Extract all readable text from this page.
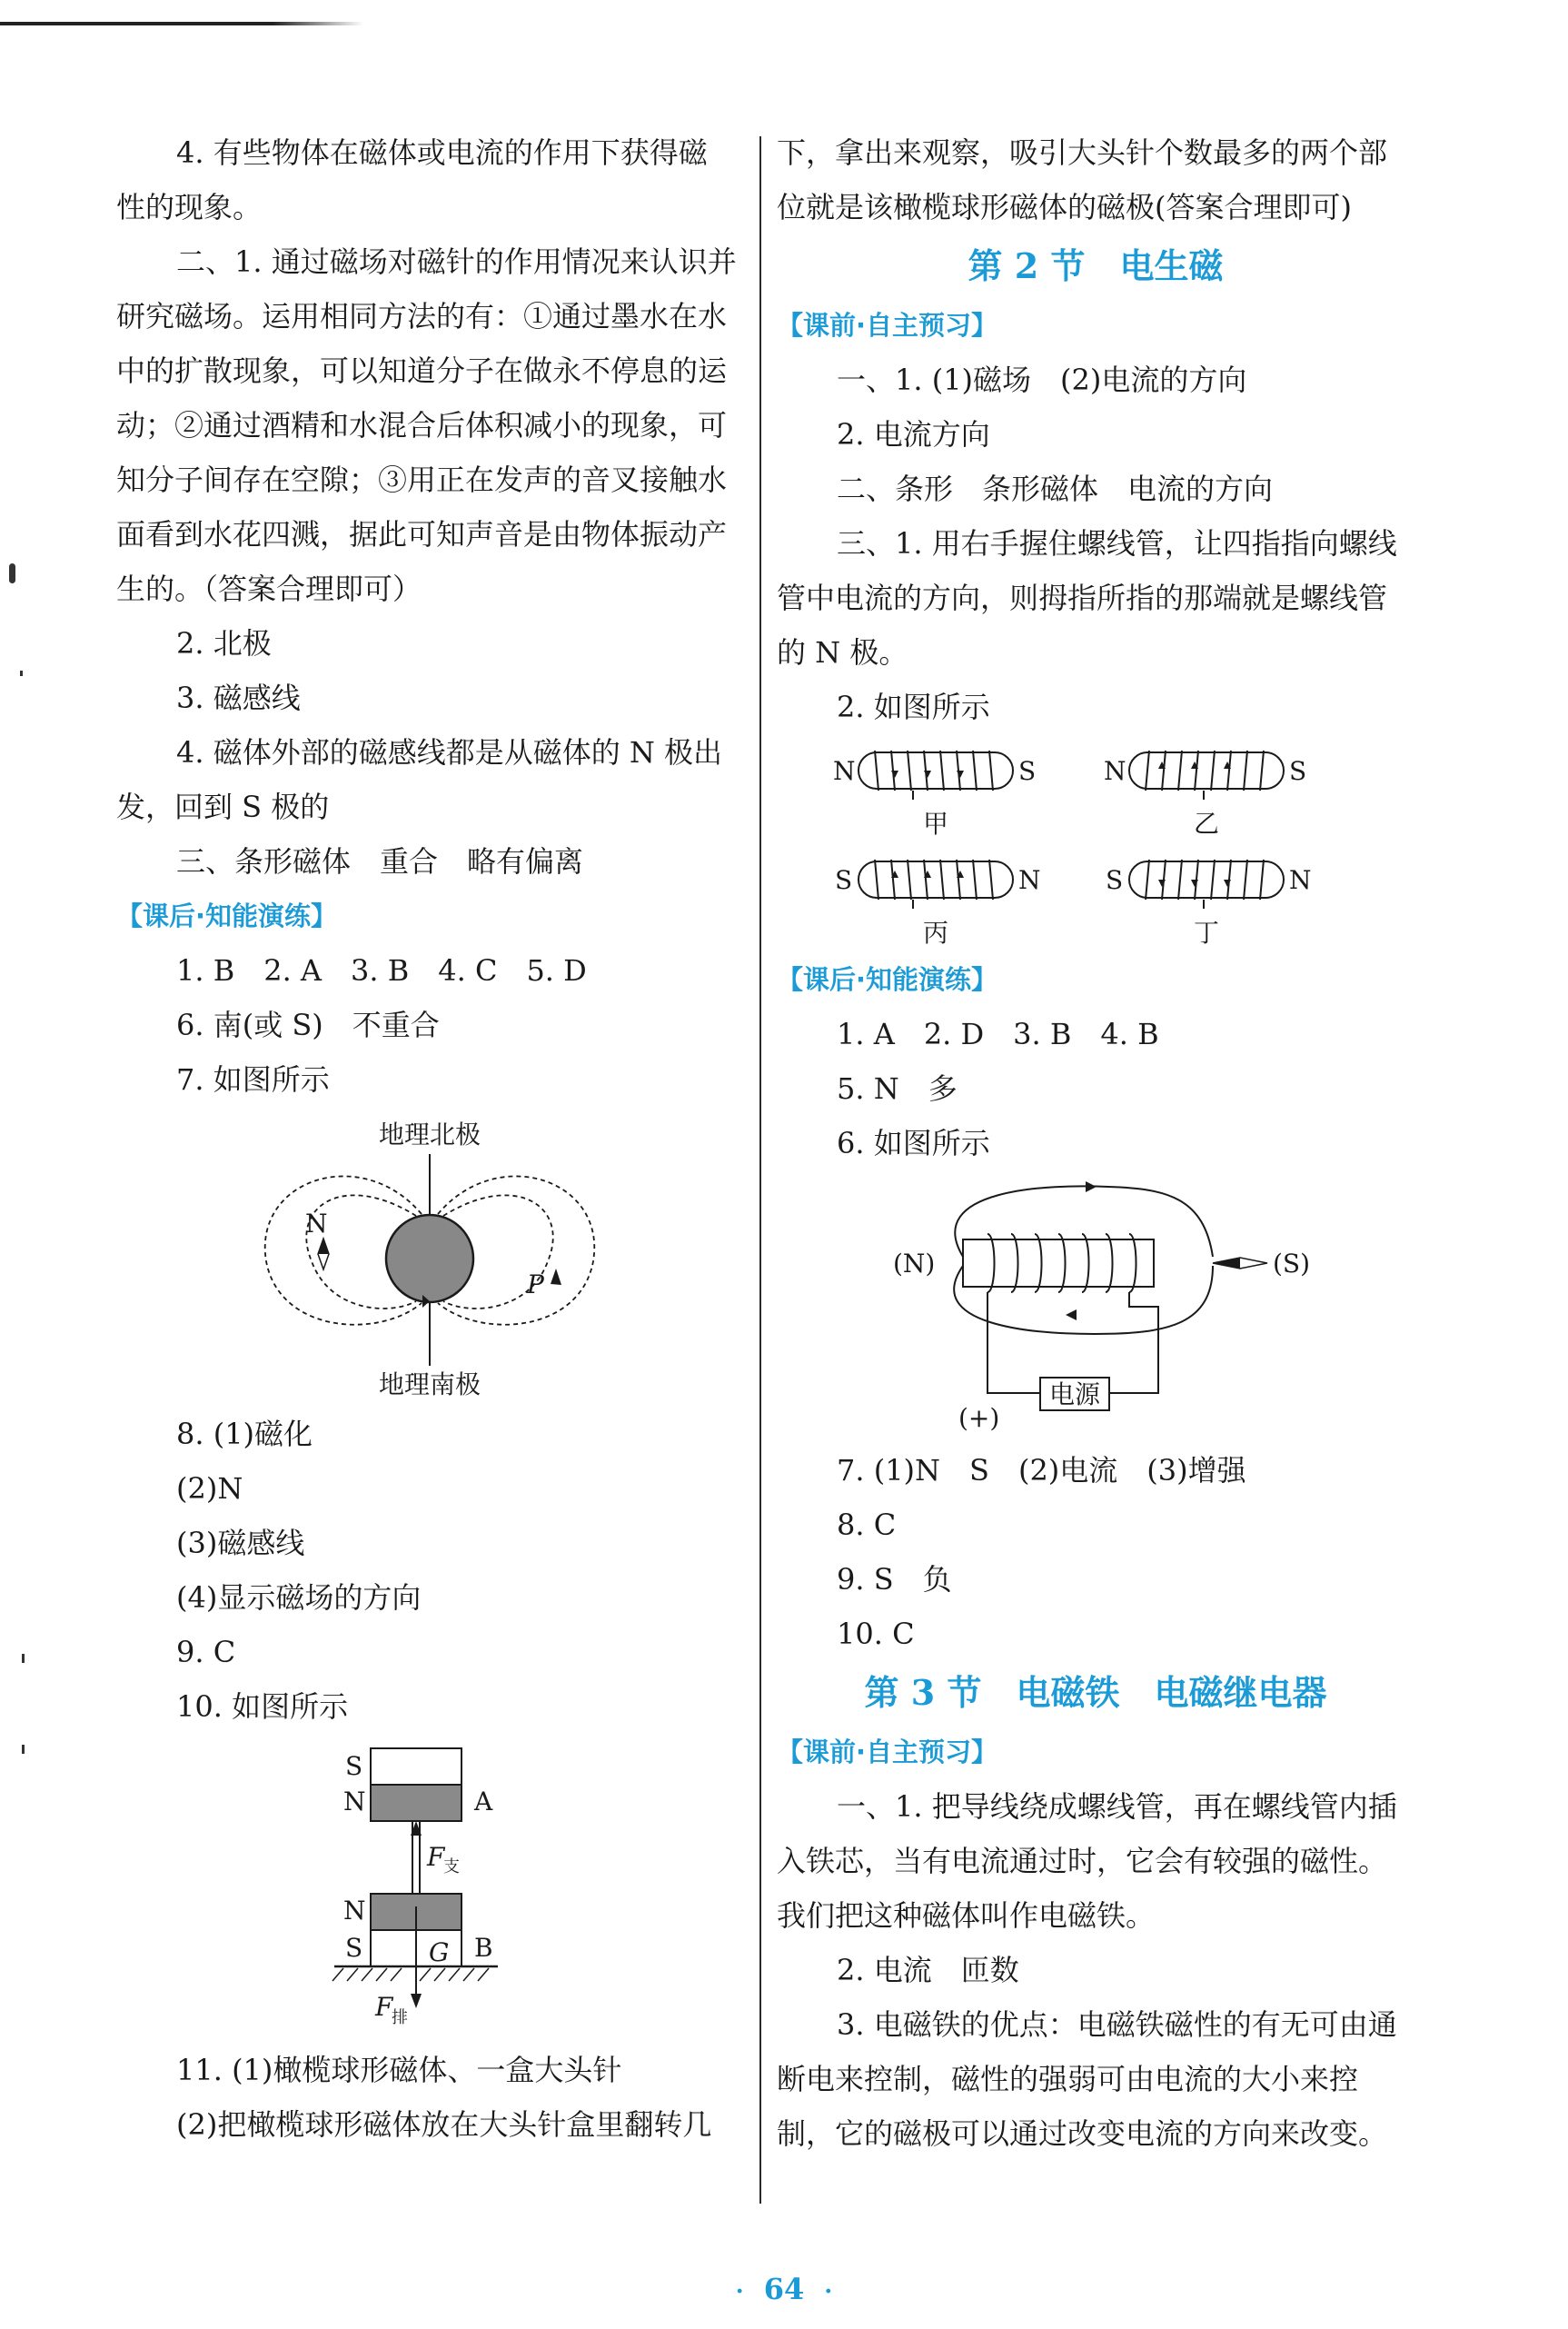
4. 有些物体在磁体或电流的作用下获得磁

性的现象。

二、1. 通过磁场对磁针的作用情况来认识并研究磁场。运用相同方法的有：①通过墨水在水中的扩散现象，可以知道分子在做永不停息的运动；②通过酒精和水混合后体积减小的现象，可知分子间存在空隙；③用正在发声的音叉接触水面看到水花四溅，据此可知声音是由物体振动产生的。（答案合理即可）

2. 北极

3. 磁感线

4. 磁体外部的磁感线都是从磁体的 N 极出发，回到 S 极的

三、条形磁体　重合　略有偏离

【课后·知能演练】

1. B　2. A　3. B　4. C　5. D

6. 南(或 S)　不重合

7. 如图所示

地理北极
N
P
地理南极

8. (1)磁化

(2)N

(3)磁感线

(4)显示磁场的方向

9. C

10. 如图所示

S
N	A
F
支
N
S	G B
F
排

11. (1)橄榄球形磁体、一盒大头针

(2)把橄榄球形磁体放在大头针盒里翻转几

下，拿出来观察，吸引大头针个数最多的两个部位就是该橄榄球形磁体的磁极(答案合理即可)

第 2 节　电生磁

【课前·自主预习】

一、1. (1)磁场　(2)电流的方向

2. 电流方向

二、条形　条形磁体　电流的方向

三、1. 用右手握住螺线管，让四指指向螺线管中电流的方向，则拇指所指的那端就是螺线管的 N 极。

2. 如图所示

N	S
甲
N	S
乙
S	N
丙
S	N
丁

【课后·知能演练】

1. A　2. D　3. B　4. B

5. N　多

6. 如图所示

电源
(N)	(S)
(+)

7. (1)N　S　(2)电流　(3)增强

8. C

9. S　负

10. C

第 3 节　电磁铁　电磁继电器

【课前·自主预习】

一、1. 把导线绕成螺线管，再在螺线管内插入铁芯，当有电流通过时，它会有较强的磁性。我们把这种磁体叫作电磁铁。

2. 电流　匝数

3. 电磁铁的优点：电磁铁磁性的有无可由通断电来控制，磁性的强弱可由电流的大小来控制，它的磁极可以通过改变电流的方向来改变。

· 64 ·
